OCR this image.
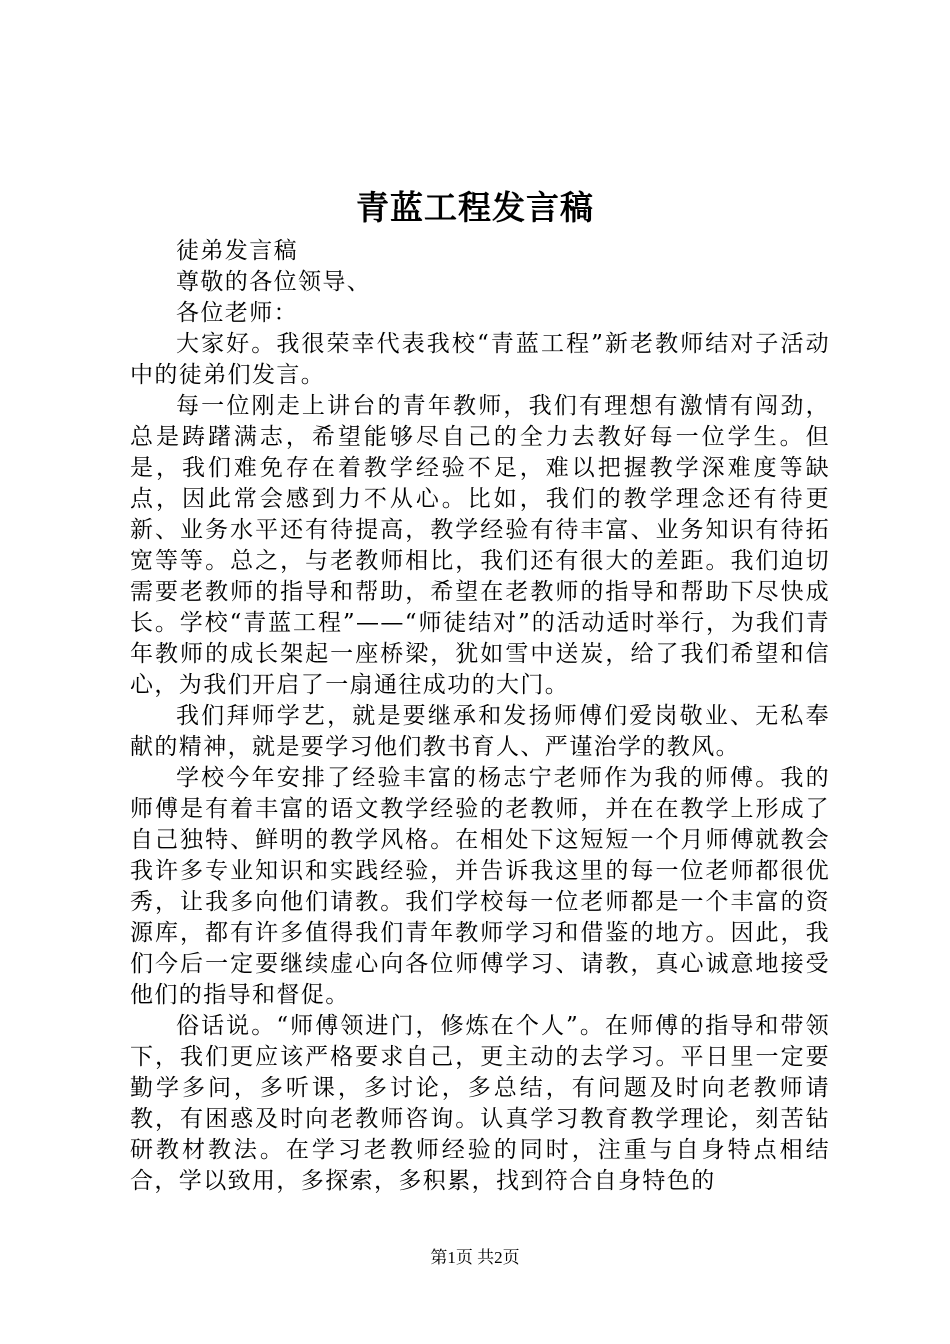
青蓝工程发言稿

徒弟发言稿

尊敬的各位领导、

各位老师：

大家好。我很荣幸代表我校“青蓝工程”新老教师结对子活动中的徒弟们发言。

每一位刚走上讲台的青年教师，我们有理想有激情有闯劲，总是踌躇满志，希望能够尽自己的全力去教好每一位学生。但是，我们难免存在着教学经验不足，难以把握教学深难度等缺点，因此常会感到力不从心。比如，我们的教学理念还有待更新、业务水平还有待提高，教学经验有待丰富、业务知识有待拓宽等等。总之，与老教师相比，我们还有很大的差距。我们迫切需要老教师的指导和帮助，希望在老教师的指导和帮助下尽快成长。学校“青蓝工程”——“师徒结对”的活动适时举行，为我们青年教师的成长架起一座桥梁，犹如雪中送炭，给了我们希望和信心，为我们开启了一扇通往成功的大门。

我们拜师学艺，就是要继承和发扬师傅们爱岗敬业、无私奉献的精神，就是要学习他们教书育人、严谨治学的教风。

学校今年安排了经验丰富的杨志宁老师作为我的师傅。我的师傅是有着丰富的语文教学经验的老教师，并在在教学上形成了自己独特、鲜明的教学风格。在相处下这短短一个月师傅就教会我许多专业知识和实践经验，并告诉我这里的每一位老师都很优秀，让我多向他们请教。我们学校每一位老师都是一个丰富的资源库，都有许多值得我们青年教师学习和借鉴的地方。因此，我们今后一定要继续虚心向各位师傅学习、请教，真心诚意地接受他们的指导和督促。

俗话说。“师傅领进门，修炼在个人”。在师傅的指导和带领下，我们更应该严格要求自己，更主动的去学习。平日里一定要勤学多问，多听课，多讨论，多总结，有问题及时向老教师请教，有困惑及时向老教师咨询。认真学习教育教学理论，刻苦钻研教材教法。在学习老教师经验的同时，注重与自身特点相结合，学以致用，多探索，多积累，找到符合自身特色的

第1页 共2页
